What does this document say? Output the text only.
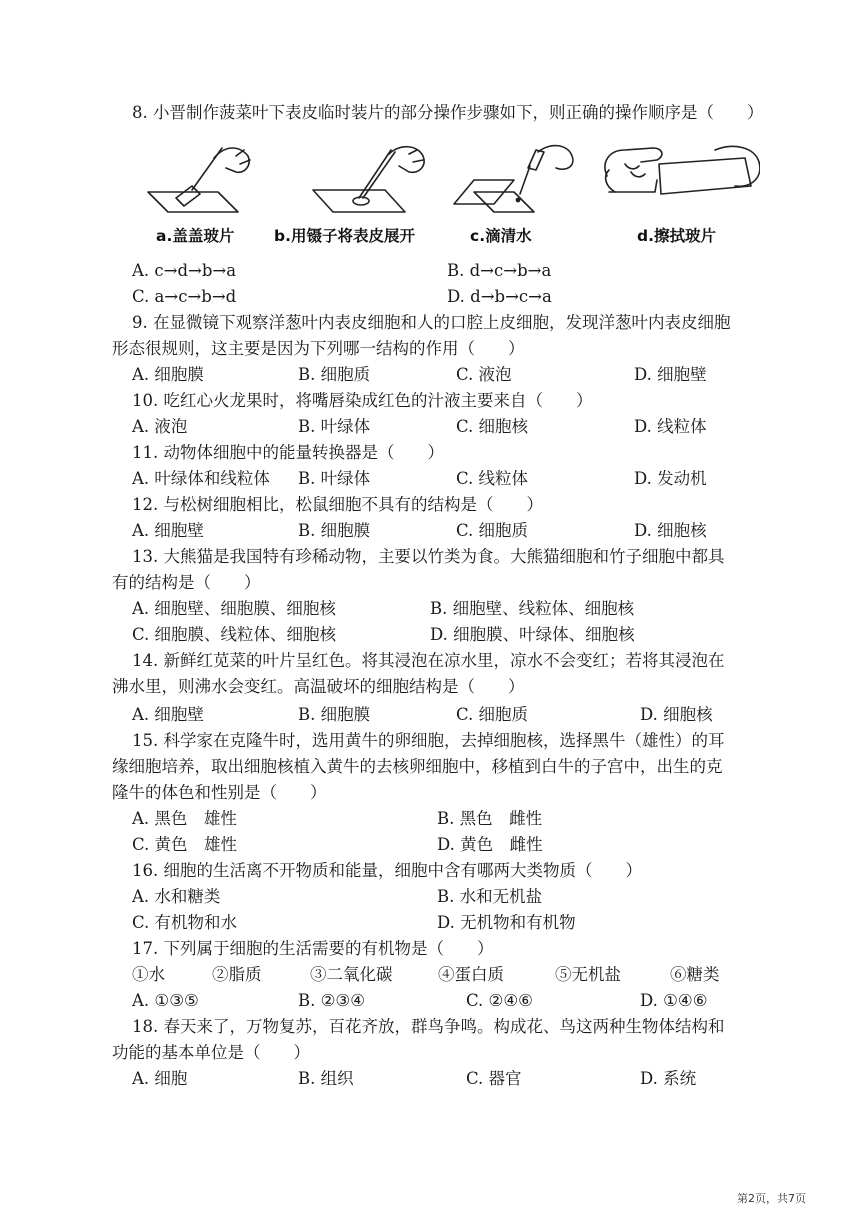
8. 小晋制作菠菜叶下表皮临时装片的部分操作步骤如下，则正确的操作顺序是（　　）
a.盖盖玻片	b.用镊子将表皮展开	c.滴清水	d.擦拭玻片
A. c→d→b→a	B. d→c→b→a
C. a→c→b→d	D. d→b→c→a
9. 在显微镜下观察洋葱叶内表皮细胞和人的口腔上皮细胞，发现洋葱叶内表皮细胞
形态很规则，这主要是因为下列哪一结构的作用（　　）
A. 细胞膜	B. 细胞质	C. 液泡	D. 细胞壁
10. 吃红心火龙果时，将嘴唇染成红色的汁液主要来自（　　）
A. 液泡	B. 叶绿体	C. 细胞核	D. 线粒体
11. 动物体细胞中的能量转换器是（　　）
A. 叶绿体和线粒体 B. 叶绿体	C. 线粒体	D. 发动机
12. 与松树细胞相比，松鼠细胞不具有的结构是（　　）
A. 细胞壁	B. 细胞膜	C. 细胞质	D. 细胞核
13. 大熊猫是我国特有珍稀动物，主要以竹类为食。大熊猫细胞和竹子细胞中都具
有的结构是（　　）
A. 细胞壁、细胞膜、细胞核	B. 细胞壁、线粒体、细胞核
C. 细胞膜、线粒体、细胞核	D. 细胞膜、叶绿体、细胞核
14. 新鲜红苋菜的叶片呈红色。将其浸泡在凉水里，凉水不会变红；若将其浸泡在
沸水里，则沸水会变红。高温破坏的细胞结构是（　　）
A. 细胞壁	B. 细胞膜	C. 细胞质	D. 细胞核
15. 科学家在克隆牛时，选用黄牛的卵细胞，去掉细胞核，选择黑牛（雄性）的耳
缘细胞培养，取出细胞核植入黄牛的去核卵细胞中，移植到白牛的子宫中，出生的克
隆牛的体色和性别是（　　）
A. 黑色　雄性	B. 黑色　雌性
C. 黄色　雄性	D. 黄色　雌性
16. 细胞的生活离不开物质和能量，细胞中含有哪两大类物质（　　）
A. 水和糖类	B. 水和无机盐
C. 有机物和水	D. 无机物和有机物
17. 下列属于细胞的生活需要的有机物是（　　）
①水	②脂质	③二氧化碳	④蛋白质	⑤无机盐	⑥糖类
A. ①③⑤	B. ②③④	C. ②④⑥	D. ①④⑥
18. 春天来了，万物复苏，百花齐放，群鸟争鸣。构成花、鸟这两种生物体结构和
功能的基本单位是（　　）
A. 细胞	B. 组织	C. 器官	D. 系统
第2页，共7页
